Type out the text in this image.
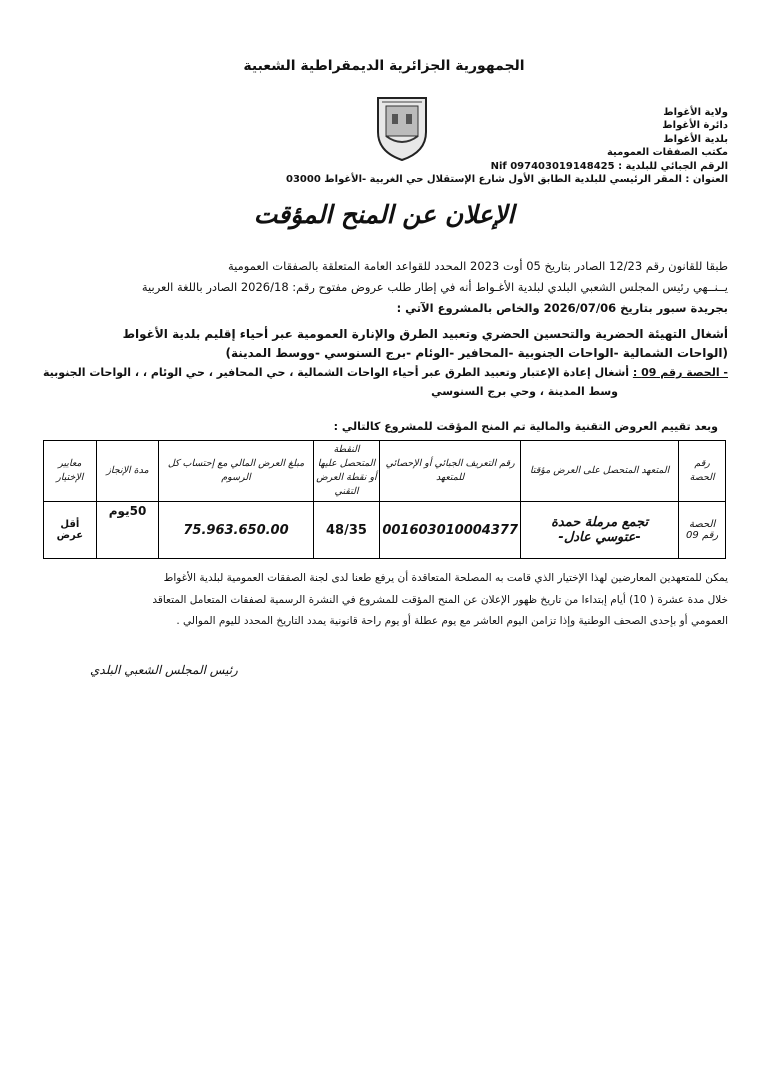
الجمهورية الجزائرية الديمقراطية الشعبية
ولاية الأغواط
دائرة الأغواط
بلدية الأغواط
مكتب الصفقات العمومية
الرقم الجبائي للبلدية : Nif 097403019148425
العنوان : المقر الرئيسي للبلدية الطابق الأول شارع الإستقلال حي الغربية -الأغواط 03000
الإعلان عن المنح المؤقت
طبقا للقانون رقم 12/23 الصادر بتاريخ 05 أوت 2023 المحدد للقواعد العامة المتعلقة بالصفقات العمومية
يــنــهي رئيس المجلس الشعبي البلدي لبلدية الأغـواط أنه في إطار طلب عروض مفتوح رقم: 2026/18 الصادر باللغة العربية
بجريدة سبور بتاريخ 2026/07/06 والخاص بالمشروع الآتي :
أشغال التهيئة الحضرية والتحسين الحضري وتعبيد الطرق والإنارة العمومية عبر أحياء إقليم بلدية الأغواط
(الواحات الشمالية -الواحات الجنوبية -المحافير -الوئام -برج السنوسي -ووسط المدينة)
- الحصة رقم 09 : أشغال إعادة الإعتبار وتعبيد الطرق عبر أحياء الواحات الشمالية ، حي المحافير ، حي الوئام ، ، الواحات الجنوبية
وسط المدينة ، وحي برج السنوسي
وبعد تقييم العروض التقنية والمالية تم المنح المؤقت للمشروع كالتالي :
رقم الحصة	المتعهد المتحصل على العرض مؤقتا	رقم التعريف الجبائي أو الإحصائي للمتعهد	النقطة المتحصل عليها أو نقطة العرض التقني	مبلغ العرض المالي مع إحتساب كل الرسوم	مدة الإنجاز	معايير الإختيار
الحصة رقم 09	تجمع مرملة حمدة
-عتوسي عادل-	001603010004377	48/35	75.963.650.00	50يوم	أقل عرض
يمكن للمتعهدين المعارضين لهذا الإختيار الذي قامت به المصلحة المتعاقدة أن يرفع طعنا لدى لجنة الصفقات العمومية لبلدية الأغواط
خلال مدة عشرة ( 10) أيام إبتداءا من تاريخ ظهور الإعلان عن المنح المؤقت للمشروع في النشرة الرسمية لصفقات المتعامل المتعاقد
العمومي أو بإحدى الصحف الوطنية وإذا تزامن اليوم العاشر مع يوم عطلة أو يوم راحة قانونية يمدد التاريخ المحدد لليوم الموالي .
رئيس المجلس الشعبي البلدي
